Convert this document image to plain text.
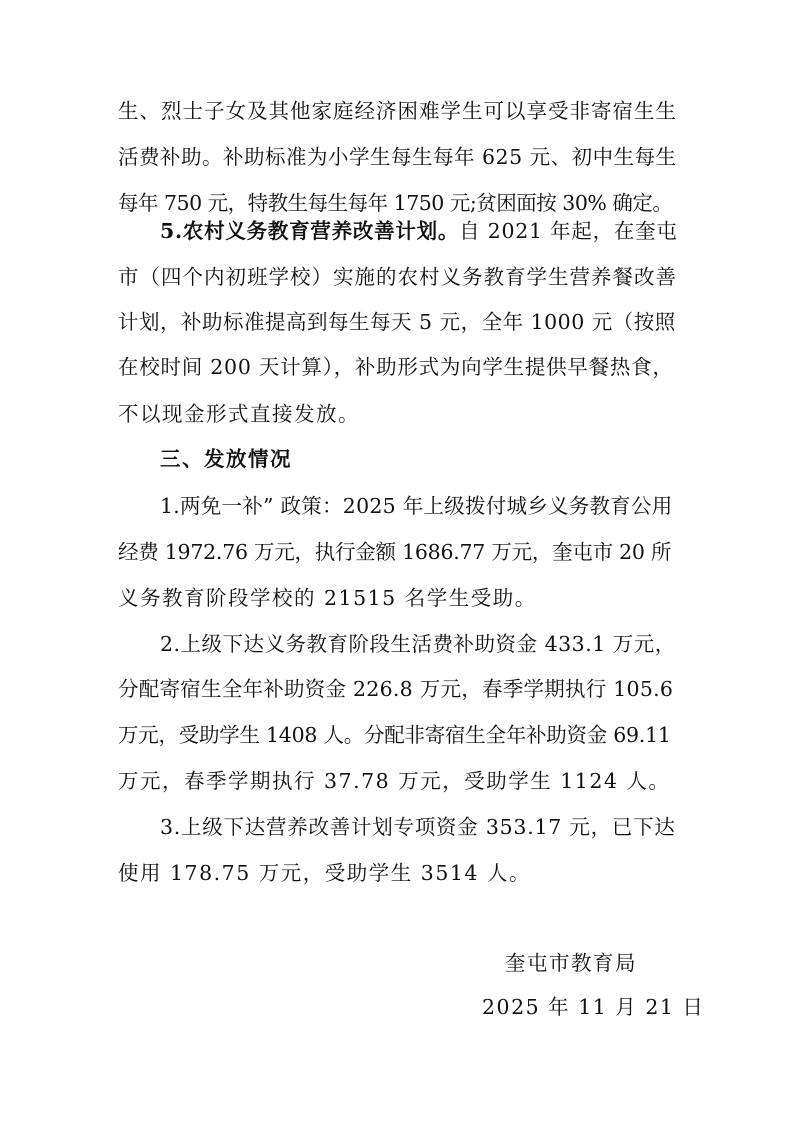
生、烈士子女及其他家庭经济困难学生可以享受非寄宿生生
活费补助。补助标准为小学生每生每年 625 元、初中生每生
每年 750 元，特教生每生每年 1750 元;贫困面按 30% 确定。
5.农村义务教育营养改善计划。自 2021 年起，在奎屯
市（四个内初班学校）实施的农村义务教育学生营养餐改善
计划，补助标准提高到每生每天 5 元，全年 1000 元（按照
在校时间 200 天计算），补助形式为向学生提供早餐热食，
不以现金形式直接发放。
三、发放情况
1.两免一补” 政策：2025 年上级拨付城乡义务教育公用
经费 1972.76 万元，执行金额 1686.77 万元，奎屯市 20 所
义务教育阶段学校的 21515 名学生受助。
2.上级下达义务教育阶段生活费补助资金 433.1 万元，
分配寄宿生全年补助资金 226.8 万元，春季学期执行 105.6
万元，受助学生 1408 人。分配非寄宿生全年补助资金 69.11
万元，春季学期执行 37.78 万元，受助学生 1124 人。
3.上级下达营养改善计划专项资金 353.17 元，已下达
使用 178.75 万元，受助学生 3514 人。
奎屯市教育局
2025 年 11 月 21 日
